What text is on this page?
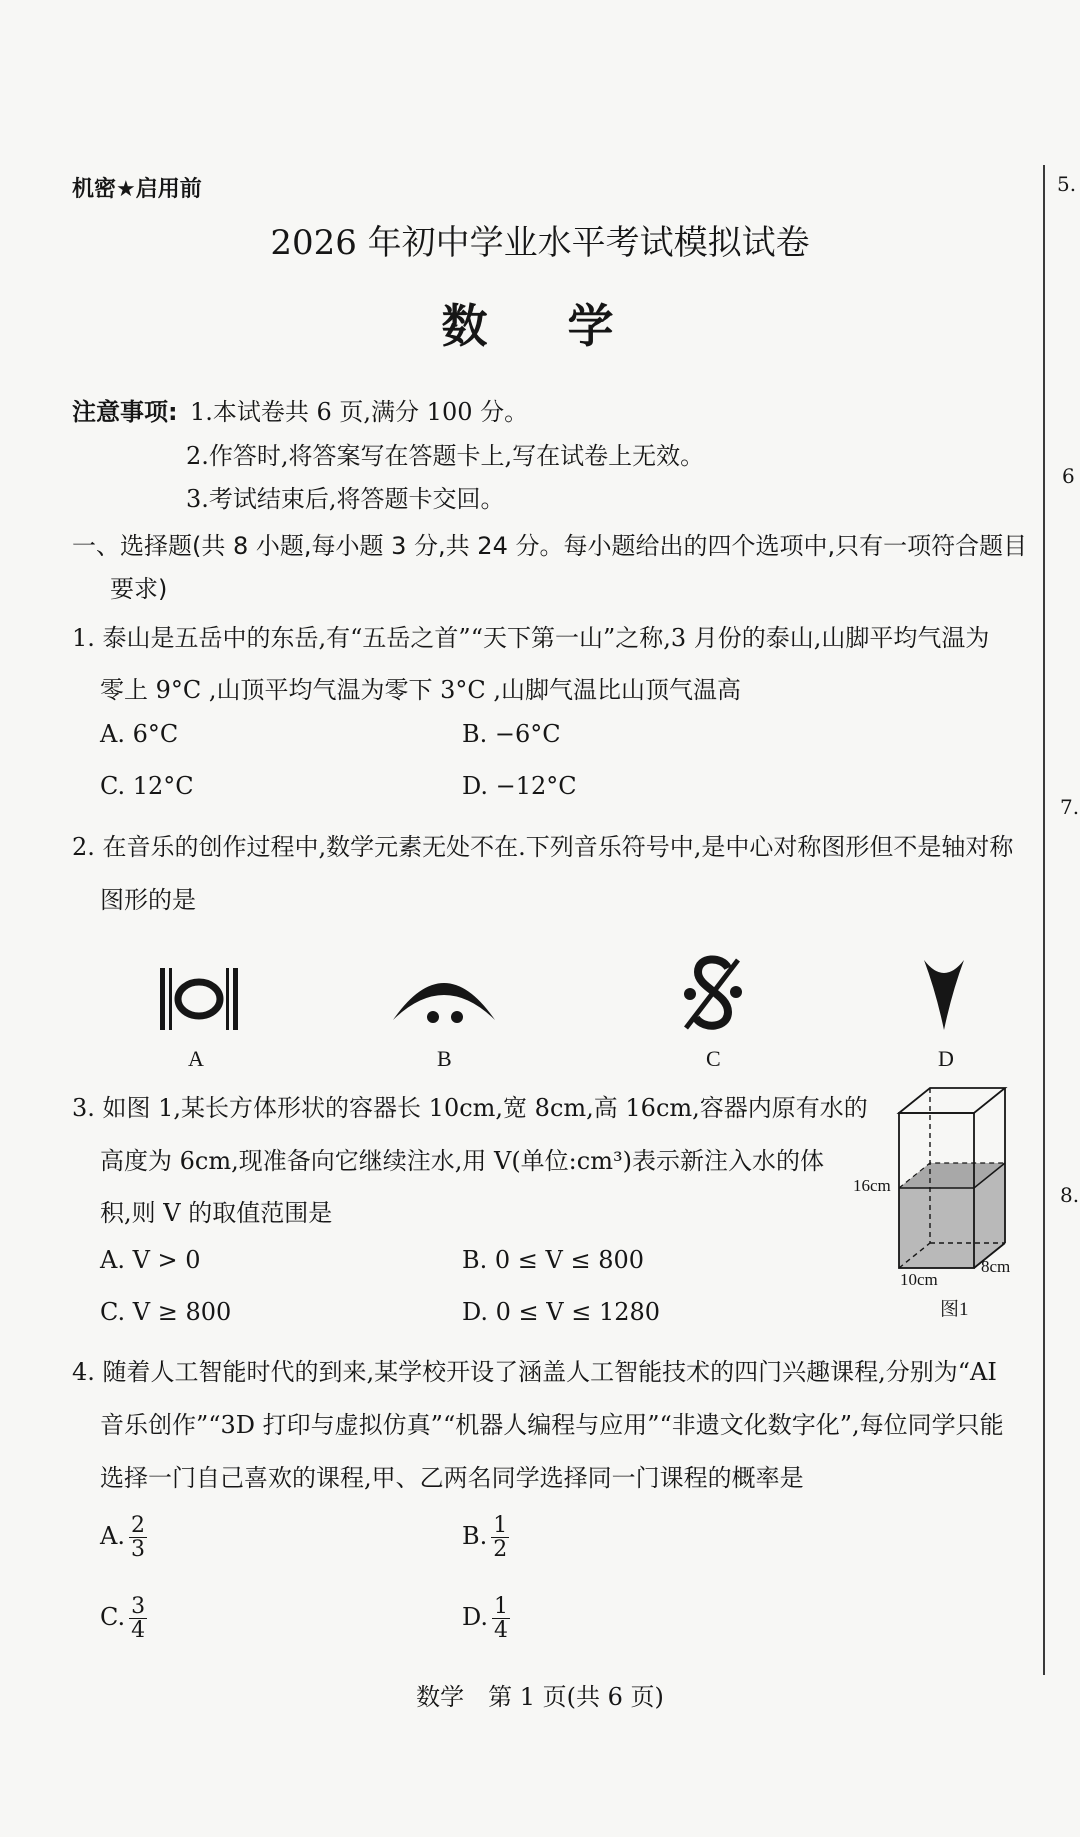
机密★启用前
2026 年初中学业水平考试模拟试卷
数学
注意事项: 1.本试卷共 6 页,满分 100 分。
2.作答时,将答案写在答题卡上,写在试卷上无效。
3.考试结束后,将答题卡交回。
一、选择题(共 8 小题,每小题 3 分,共 24 分。每小题给出的四个选项中,只有一项符合题目
要求)
1. 泰山是五岳中的东岳,有“五岳之首”“天下第一山”之称,3 月份的泰山,山脚平均气温为
零上 9°C ,山顶平均气温为零下 3°C ,山脚气温比山顶气温高
A. 6°C	B. −6°C
C. 12°C	D. −12°C
2. 在音乐的创作过程中,数学元素无处不在.下列音乐符号中,是中心对称图形但不是轴对称
图形的是
A	B	C	D
3. 如图 1,某长方体形状的容器长 10cm,宽 8cm,高 16cm,容器内原有水的
高度为 6cm,现准备向它继续注水,用 V(单位:cm³)表示新注入水的体
积,则 V 的取值范围是
A. V > 0	B. 0 ≤ V ≤ 800
C. V ≥ 800	D. 0 ≤ V ≤ 1280
16cm
10cm
8cm
图1
4. 随着人工智能时代的到来,某学校开设了涵盖人工智能技术的四门兴趣课程,分别为“AI
音乐创作”“3D 打印与虚拟仿真”“机器人编程与应用”“非遗文化数字化”,每位同学只能
选择一门自己喜欢的课程,甲、乙两名同学选择同一门课程的概率是
A. $\frac{2}{3}$	B. $\frac{1}{2}$
C. $\frac{3}{4}$	D. $\frac{1}{4}$
数学　第 1 页(共 6 页)
5.
6
7.
8.
